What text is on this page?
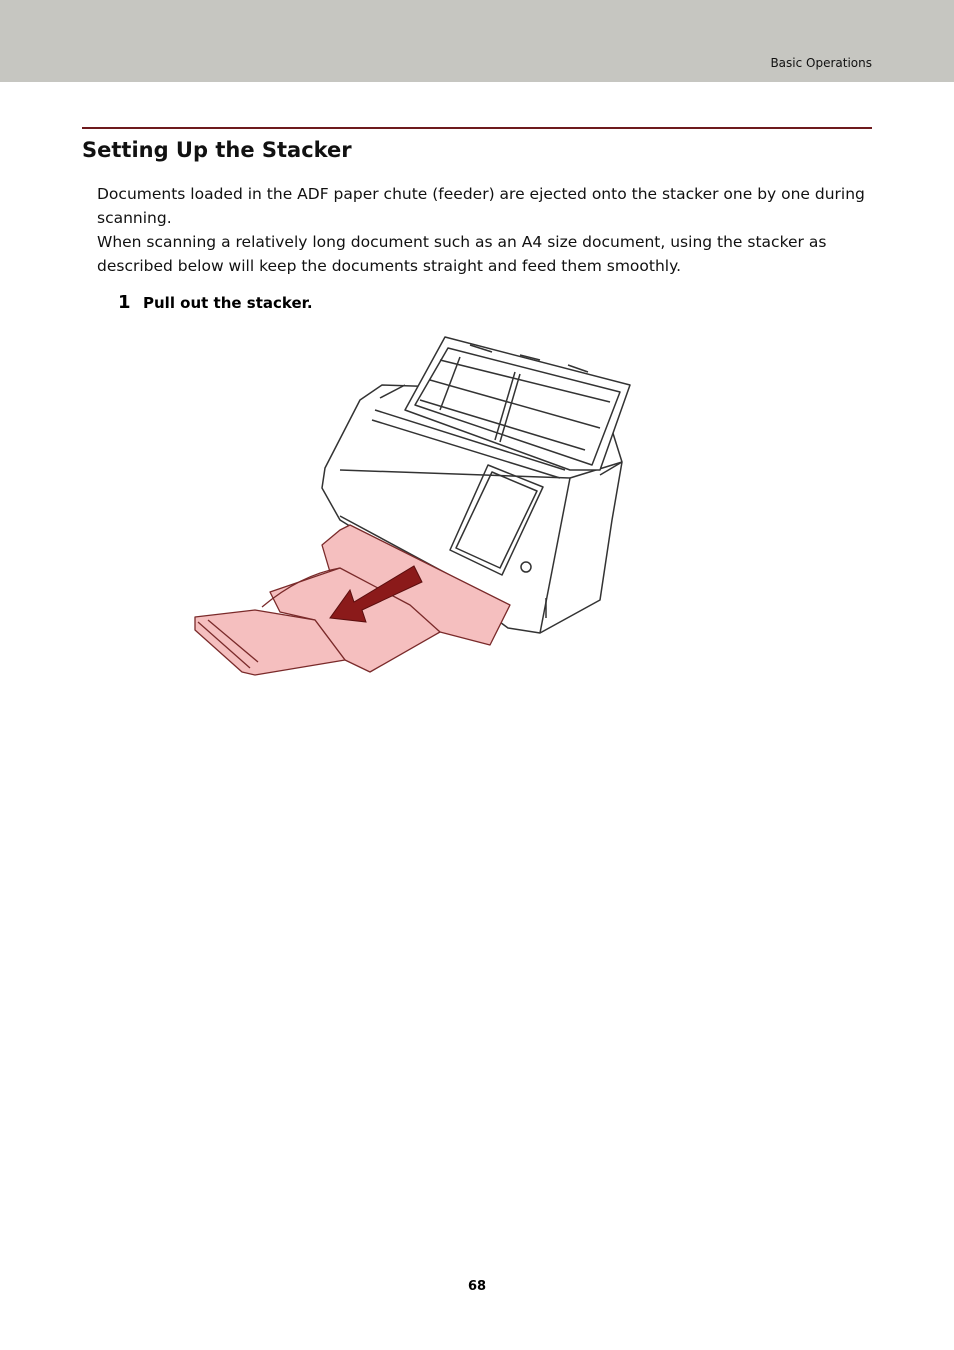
Basic Operations
Setting Up the Stacker

Documents loaded in the ADF paper chute (feeder) are ejected onto the stacker one by one during scanning.

When scanning a relatively long document such as an A4 size document, using the stacker as described below will keep the documents straight and feed them smoothly.

1 Pull out the stacker.
68
